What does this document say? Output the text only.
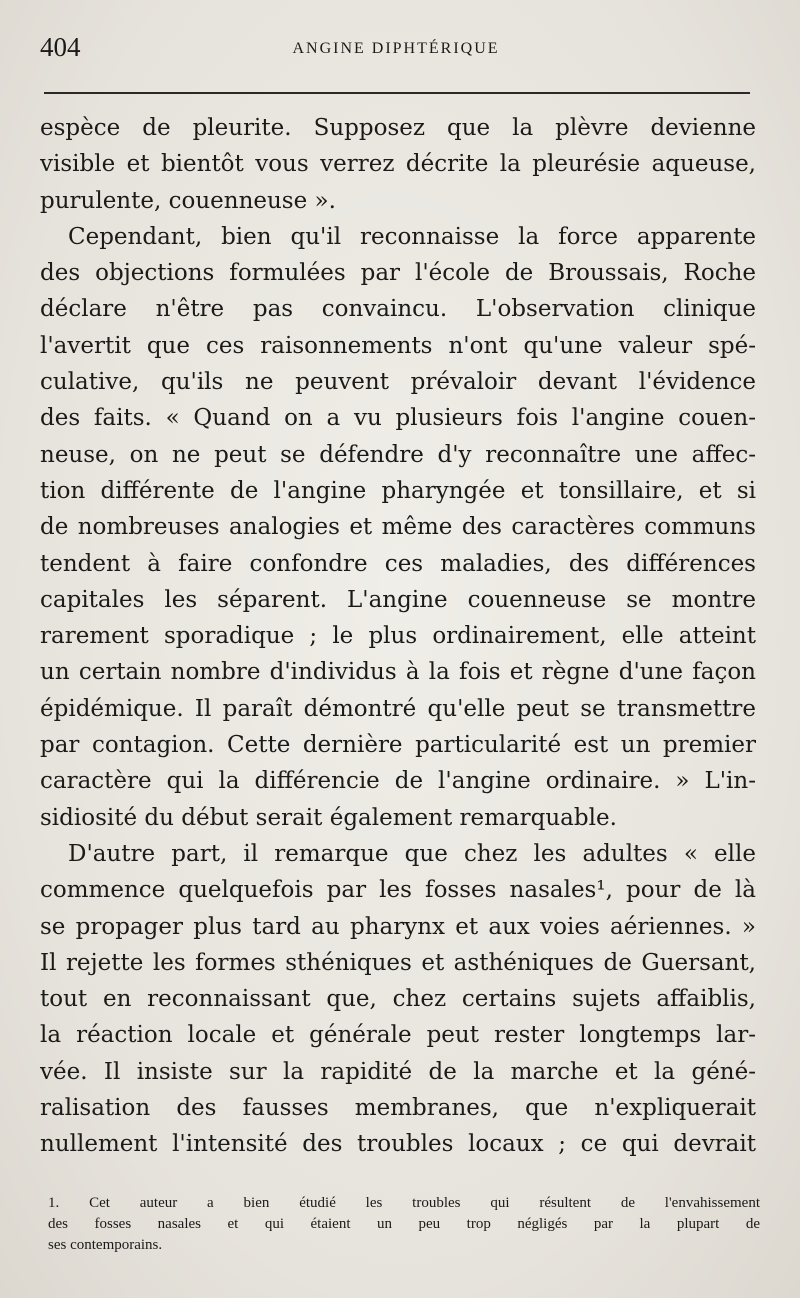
404	ANGINE DIPHTÉRIQUE
espèce de pleurite. Supposez que la plèvre devienne
visible et bientôt vous verrez décrite la pleurésie aqueuse,
purulente, couenneuse ».
Cependant, bien qu'il reconnaisse la force apparente
des objections formulées par l'école de Broussais, Roche
déclare n'être pas convaincu. L'observation clinique
l'avertit que ces raisonnements n'ont qu'une valeur spé-
culative, qu'ils ne peuvent prévaloir devant l'évidence
des faits. « Quand on a vu plusieurs fois l'angine couen-
neuse, on ne peut se défendre d'y reconnaître une affec-
tion différente de l'angine pharyngée et tonsillaire, et si
de nombreuses analogies et même des caractères communs
tendent à faire confondre ces maladies, des différences
capitales les séparent. L'angine couenneuse se montre
rarement sporadique ; le plus ordinairement, elle atteint
un certain nombre d'individus à la fois et règne d'une façon
épidémique. Il paraît démontré qu'elle peut se transmettre
par contagion. Cette dernière particularité est un premier
caractère qui la différencie de l'angine ordinaire. » L'in-
sidiosité du début serait également remarquable.
D'autre part, il remarque que chez les adultes « elle
commence quelquefois par les fosses nasales¹, pour de là
se propager plus tard au pharynx et aux voies aériennes. »
Il rejette les formes sthéniques et asthéniques de Guersant,
tout en reconnaissant que, chez certains sujets affaiblis,
la réaction locale et générale peut rester longtemps lar-
vée. Il insiste sur la rapidité de la marche et la géné-
ralisation des fausses membranes, que n'expliquerait
nullement l'intensité des troubles locaux ; ce qui devrait
1. Cet auteur a bien étudié les troubles qui résultent de l'envahissement
des fosses nasales et qui étaient un peu trop négligés par la plupart de
ses contemporains.
